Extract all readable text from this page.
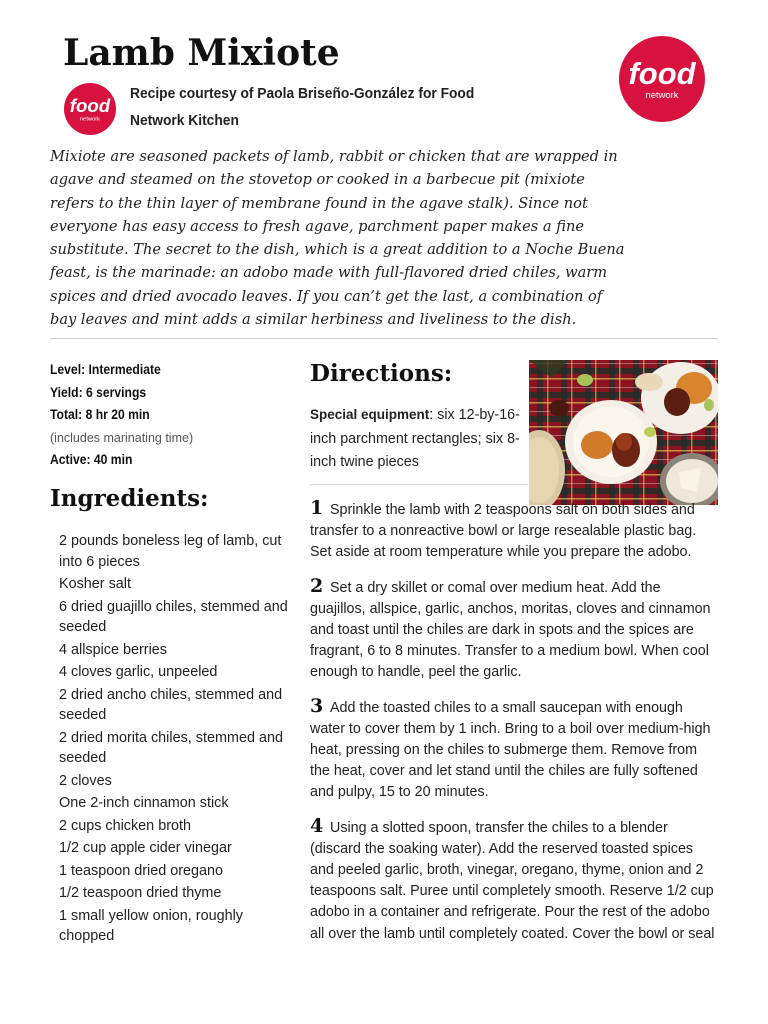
Lamb Mixiote
food
network
Recipe courtesy of Paola Briseño-González for Food Network Kitchen
food
network

Mixiote are seasoned packets of lamb, rabbit or chicken that are wrapped in agave and steamed on the stovetop or cooked in a barbecue pit (mixiote refers to the thin layer of membrane found in the agave stalk). Since not everyone has easy access to fresh agave, parchment paper makes a fine substitute. The secret to the dish, which is a great addition to a Noche Buena feast, is the marinade: an adobo made with full-flavored dried chiles, warm spices and dried avocado leaves. If you can’t get the last, a combination of bay leaves and mint adds a similar herbiness and liveliness to the dish.

Level: Intermediate
Yield: 6 servings
Total: 8 hr 20 min
(includes marinating time)
Active: 40 min
Ingredients:
2 pounds boneless leg of lamb, cut into 6 pieces
Kosher salt
6 dried guajillo chiles, stemmed and seeded
4 allspice berries
4 cloves garlic, unpeeled
2 dried ancho chiles, stemmed and seeded
2 dried morita chiles, stemmed and seeded
2 cloves
One 2-inch cinnamon stick
2 cups chicken broth
1/2 cup apple cider vinegar
1 teaspoon dried oregano
1/2 teaspoon dried thyme
1 small yellow onion, roughly chopped
Directions:
Special equipment: six 12-by-16-inch parchment rectangles; six 8-inch twine pieces
1 Sprinkle the lamb with 2 teaspoons salt on both sides and transfer to a nonreactive bowl or large resealable plastic bag. Set aside at room temperature while you prepare the adobo.
2 Set a dry skillet or comal over medium heat. Add the guajillos, allspice, garlic, anchos, moritas, cloves and cinnamon and toast until the chiles are dark in spots and the spices are fragrant, 6 to 8 minutes. Transfer to a medium bowl. When cool enough to handle, peel the garlic.
3 Add the toasted chiles to a small saucepan with enough water to cover them by 1 inch. Bring to a boil over medium-high heat, pressing on the chiles to submerge them. Remove from the heat, cover and let stand until the chiles are fully softened and pulpy, 15 to 20 minutes.
4 Using a slotted spoon, transfer the chiles to a blender (discard the soaking water). Add the reserved toasted spices and peeled garlic, broth, vinegar, oregano, thyme, onion and 2 teaspoons salt. Puree until completely smooth. Reserve 1/2 cup adobo in a container and refrigerate. Pour the rest of the adobo all over the lamb until completely coated. Cover the bowl or seal
